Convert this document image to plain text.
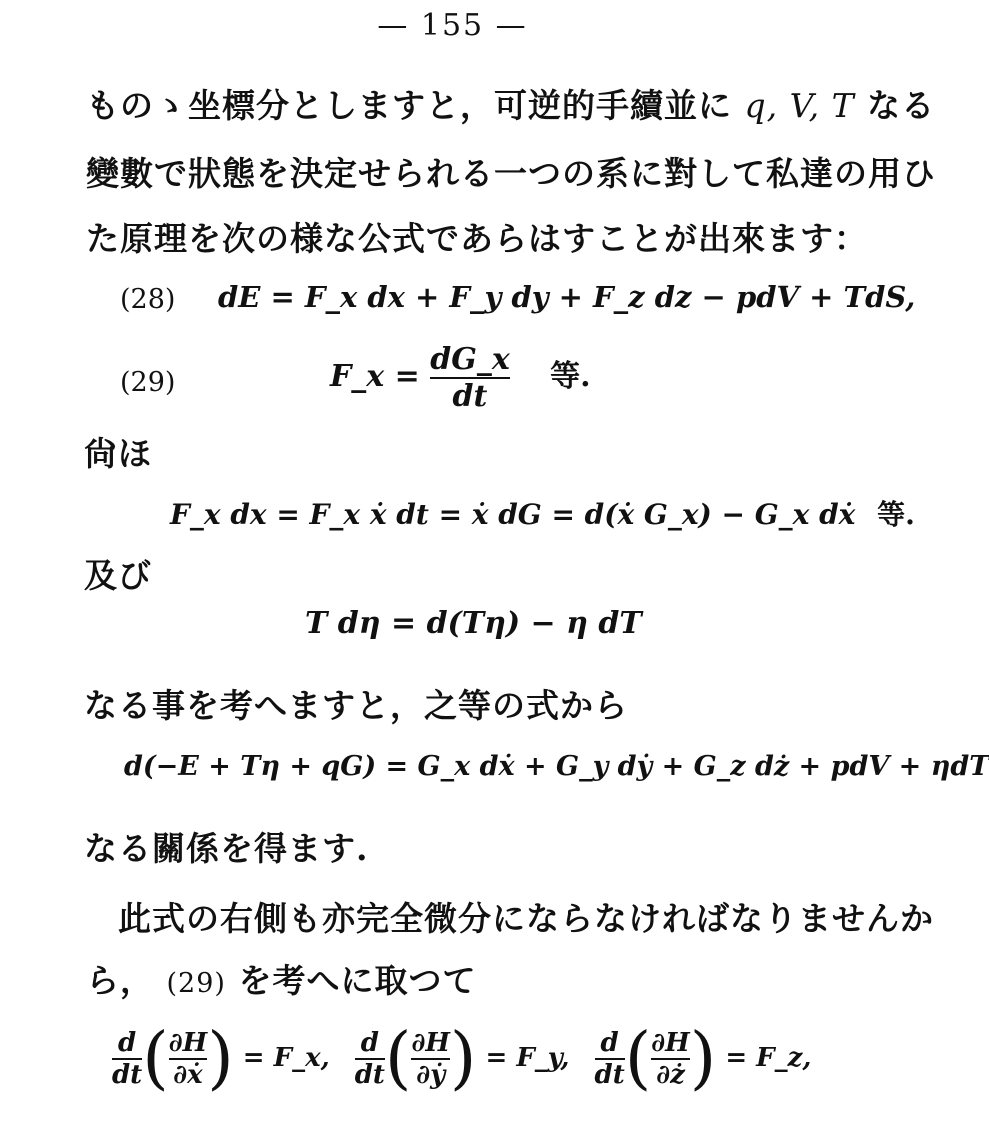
— 155 —
ものゝ坐標分としますと，可逆的手續並に q, V, T なる
變數で狀態を決定せられる一つの系に對して私達の用ひ
た原理を次の様な公式であらはすことが出來ます：
(28) dE = F_x dx + F_y dy + F_z dz − pdV + TdS,
(29)	F_x = $\frac{dG\_x}{dt}$ 等.
尙ほ
F_x dx = F_x ẋ dt = ẋ dG = d(ẋ G_x) − G_x dẋ 等.
及び
T dη = d(Tη) − η dT
なる事を考へますと，之等の式から
d(−E + Tη + qG) = G_x dẋ + G_y dẏ + G_z dż + pdV + ηdT
なる關係を得ます.
此式の右側も亦完全微分にならなければなりませんか
ら， (29) を考へに取つて
$\frac{d}{dt}$ ( $\frac{\partial H}{\text{∂ẋ}}$ ) = F_x, $\frac{d}{dt}$ ( $\frac{\partial H}{\text{∂ẏ}}$ ) = F_y, $\frac{d}{dt}$ ( $\frac{\partial H}{\partial ż}$ ) = F_z,
